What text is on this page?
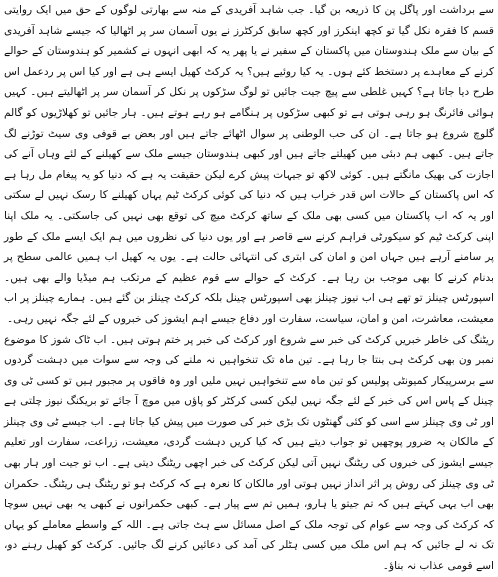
سے برداشت اور پاگل پن کا ذریعہ بن گیا۔ جب شاہد آفریدی کے منہ سے بھارتی لوگوں کے حق میں ایک روایتی قسم کا فقرہ نکل گیا تو کچھ اینکرز اور کچھ سابق کرکٹرز نے یوں آسمان سر پر اٹھالیا کہ جیسے شاہد آفریدی کے بیان سے ملک ہندوستان میں پاکستان کے سفیر نے یا پھر یہ کہ ابھی انہوں نے کشمیر کو ہندوستان کے حوالے کرنے کے معاہدے پر دستخط کئے ہوں۔ یہ کیا روئیے ہیں؟ یہ کرکٹ کھیل ایسے ہی ہے اور کیا اس پر ردعمل اس طرح دیا جاتا ہے؟ کہیں غلطی سے پیچ جیت جائیں تو لوگ سڑکوں پر نکل کر آسمان سر پر اٹھالیتے ہیں۔ کہیں ہوائی فائرنگ ہو رہی ہوتی ہے تو کبھی سڑکوں پر ہنگامے ہو رہے ہوتے ہیں۔ ہار جائیں تو کھلاڑیوں کو گالم گلوچ شروع ہو جاتا ہے۔ ان کی حب الوطنی پر سوال اٹھائے جاتے ہیں اور بعض بے قوفی وی سیٹ توڑنے لگ جاتے ہیں۔ کبھی ہم دبئی میں کھیلتے جاتے ہیں اور کبھی ہندوستان جیسے ملک سے کھیلنے کے لئے وہاں آنے کی اجازت کی بھیک مانگتے ہیں۔ کوئی لاکھ تو جیہات پیش کرے لیکن حقیقت یہ ہے کہ دنیا کو یہ پیغام مل رہا ہے کہ اس پاکستان کے حالات اس قدر خراب ہیں کہ دنیا کی کوئی کرکٹ ٹیم یہاں کھیلنے کا رسک نہیں لے سکتی اور یہ کہ اب پاکستان میں کسی بھی ملک کے ساتھ کرکٹ میچ کی توقع بھی نہیں کی جاسکتی۔ یہ ملک اپنا اپنی کرکٹ ٹیم کو سیکورٹی فراہم کرنے سے قاصر ہے اور یوں دنیا کی نظروں میں ہم ایک ایسے ملک کے طور پر سامنے آرہے ہیں جہاں امن و امان کی ابتری کی انتہائی حالت ہے۔ یوں یہ کھیل اب ہمیں عالمی سطح پر بدنام کرنے کا بھی موجب بن رہا ہے۔ کرکٹ کے حوالے سے قوم عظیم کے مرتکب ہم میڈیا والے بھی ہیں۔ اسپورٹس چینلز تو تھے ہی اب نیوز چینلز بھی اسپورٹس چینل بلکہ کرکٹ چینلز بن گئے ہیں۔ ہمارے چینلز پر اب معیشت، معاشرت، امن و امان، سیاست، سفارت اور دفاع جیسے اہم ایشوز کی خبروں کے لئے جگہ نہیں رہی۔

ریٹنگ کی خاطر خبریں کرکٹ کی خبر سے شروع اور کرکٹ کی خبر پر ختم ہوتی ہیں۔ اب ٹاک شوز کا موضوع نمبر ون بھی کرکٹ ہی بنتا جا رہا ہے۔ تین ماہ تک تنخواہیں نہ ملنے کی وجہ سے سوات میں دہشت گردوں سے برسرپیکار کمیونٹی پولیس کو تین ماہ سے تنخواہیں نہیں ملیں اور وہ فاقوں پر مجبور ہیں تو کسی ٹی وی چینل کے پاس اس کی خبر کے لئے جگہ نہیں لیکن کسی کرکٹر کو پاؤں میں موچ آ جائے تو بریکنگ نیوز چلتی ہے اور ٹی وی چینلز سے اسی کو کئی گھنٹوں تک بڑی خبر کی صورت میں پیش کیا جاتا ہے۔ اب جیسے ٹی وی چینلز کے مالکان یہ ضرور پوچھیں تو جواب دیتے ہیں کہ کیا کریں دہشت گردی، معیشت، زراعت، سفارت اور تعلیم جیسے ایشوز کی خبروں کی ریٹنگ نہیں آتی لیکن کرکٹ کی خبر اچھی ریٹنگ دیتی ہے۔ اب تو جیت اور ہار بھی ٹی وی چینلز کی روش پر اثر انداز نہیں ہوتی اور مالکان کا نعرہ ہے کہ کرکٹ ہو تو ریٹنگ ہی ریٹنگ۔ حکمران بھی اب یہی کہتے ہیں کہ تم جیتو یا ہارو، ہمیں تم سے پیار ہے۔ کبھی حکمرانوں نے کبھی یہ بھی نہیں سوچا کہ کرکٹ کی وجہ سے عوام کی توجہ ملک کے اصل مسائل سے ہٹ جاتی ہے۔ اللہ کے واسطے معاملے کو یہاں تک نہ لے جائیں کہ ہم اس ملک میں کسی ہٹلر کی آمد کی دعائیں کرنے لگ جائیں۔ کرکٹ کو کھیل رہنے دو، اسے قومی عذاب نہ بناؤ۔
